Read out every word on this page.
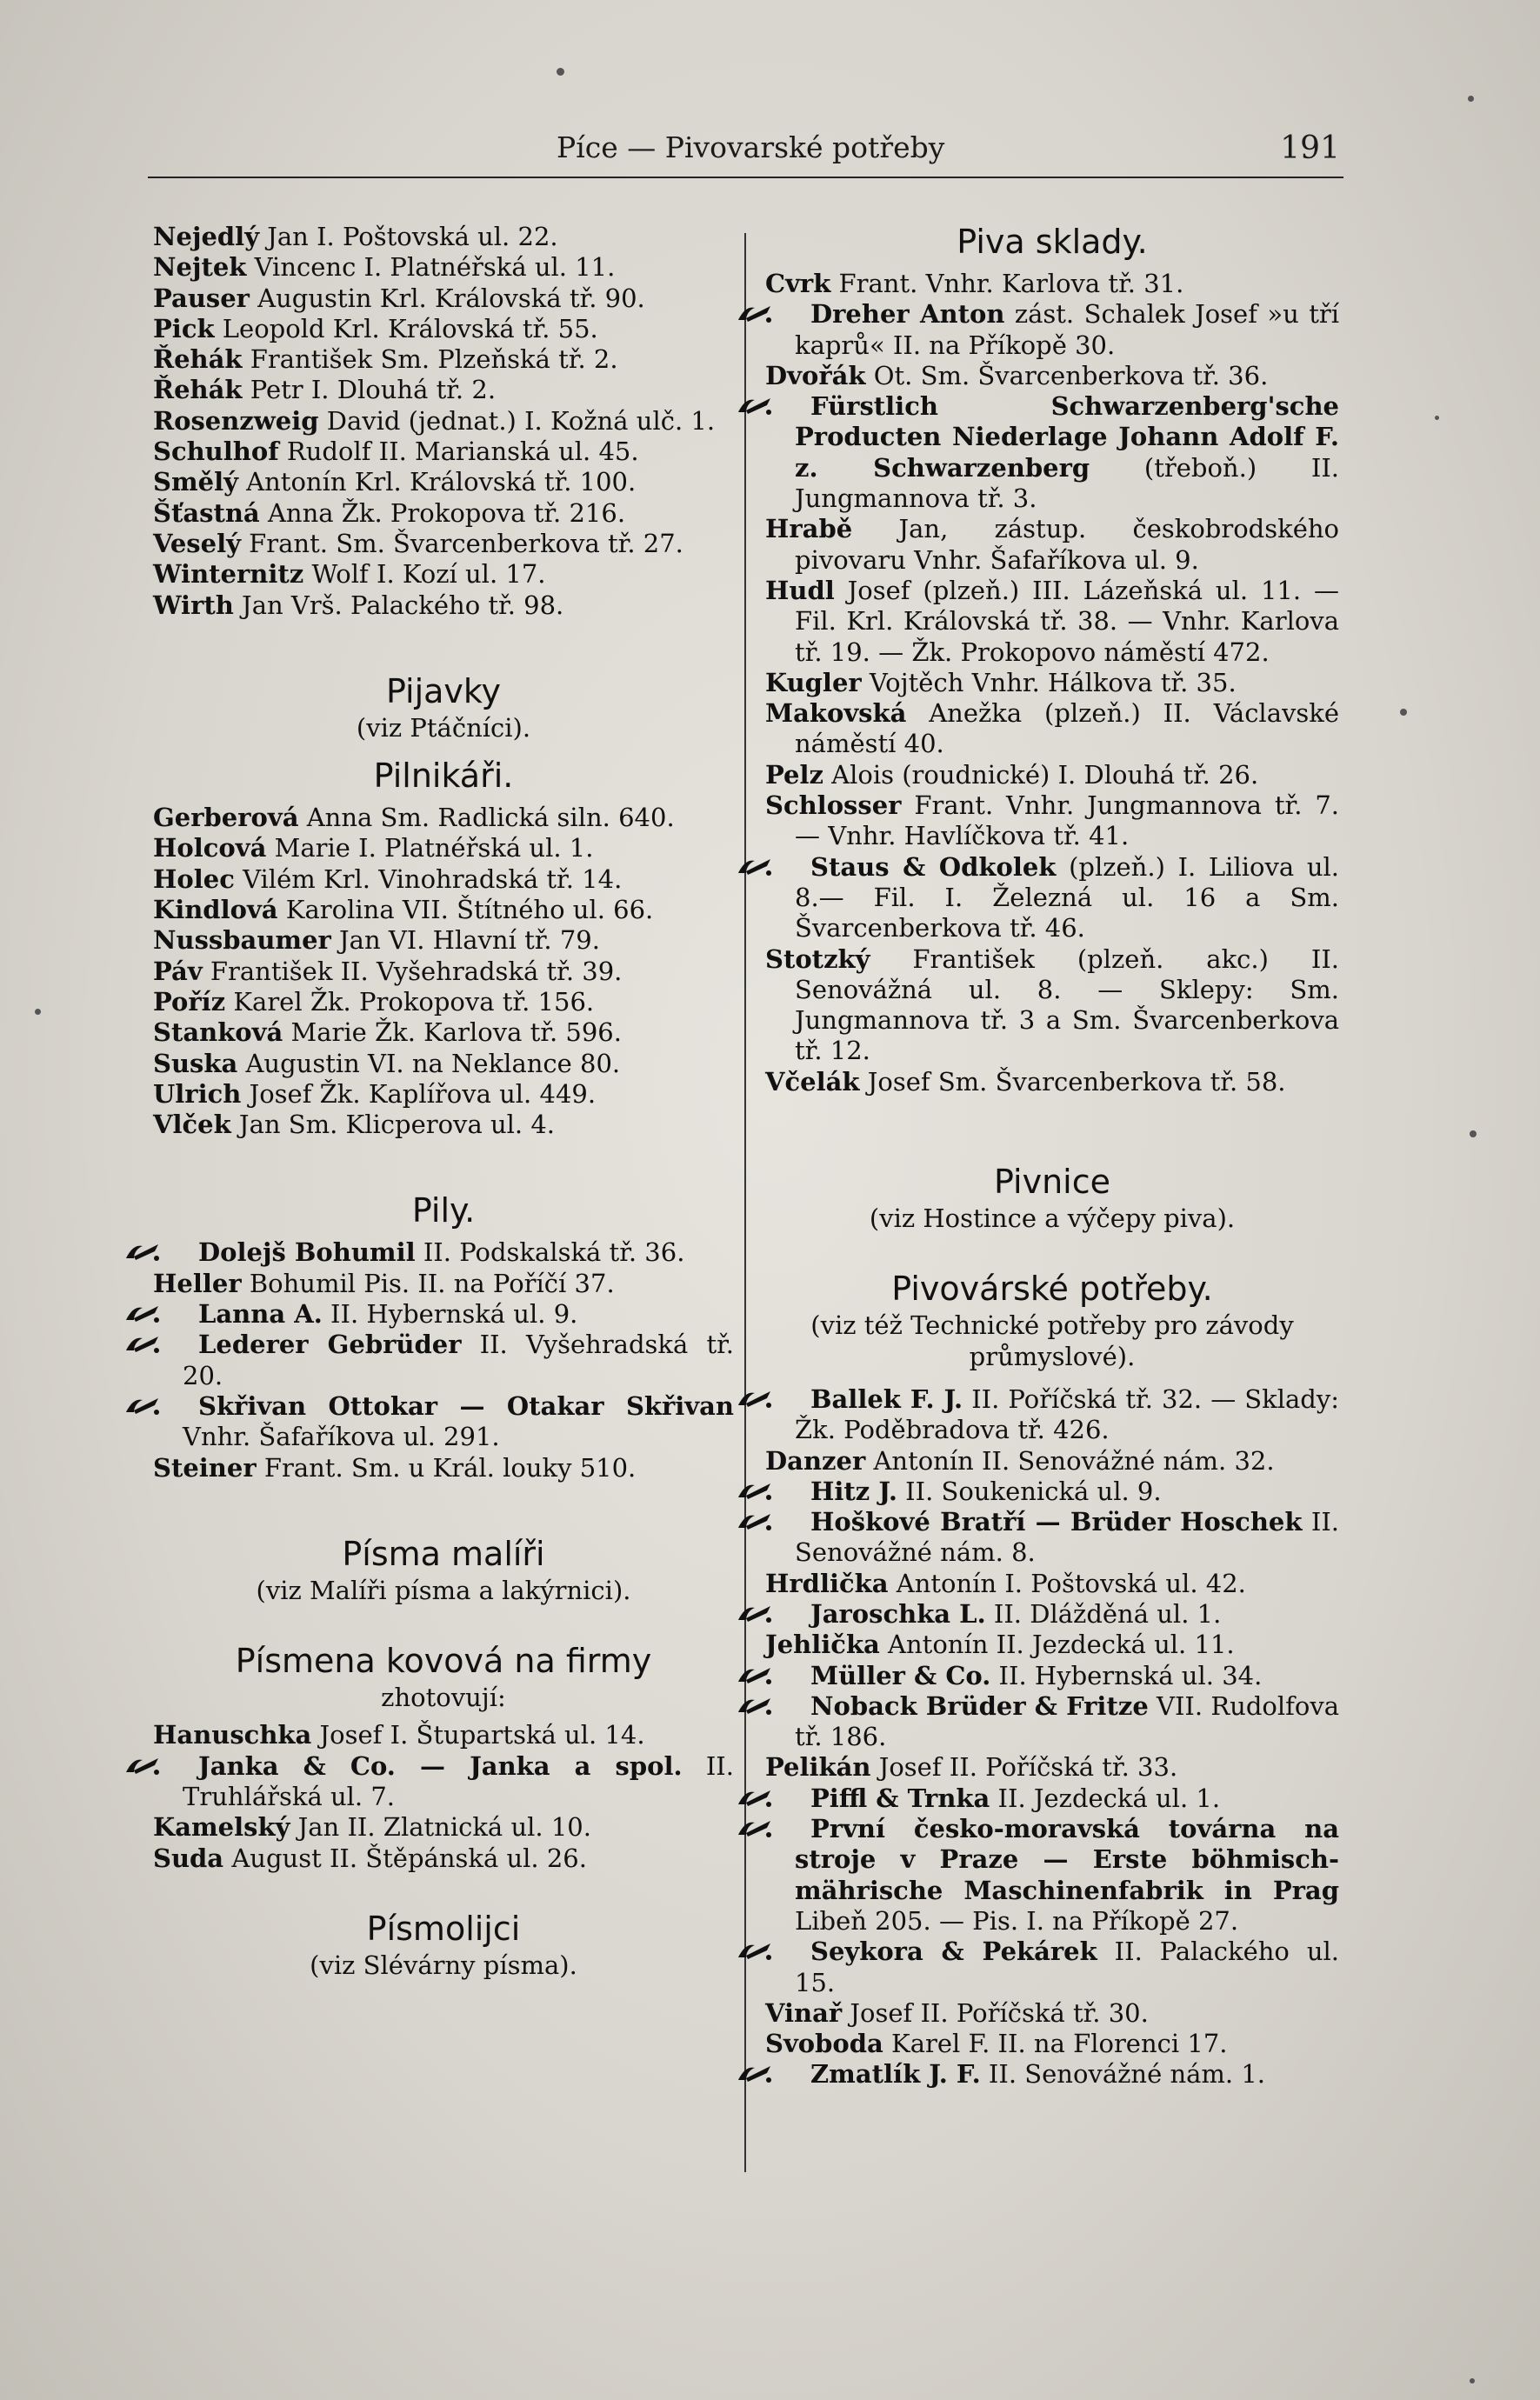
Píce — Pivovarské potřeby	191
Nejedlý Jan I. Poštovská ul. 22.
Nejtek Vincenc I. Platnéřská ul. 11.
Pauser Augustin Krl. Královská tř. 90.
Pick Leopold Krl. Královská tř. 55.
Řehák František Sm. Plzeňská tř. 2.
Řehák Petr I. Dlouhá tř. 2.
Rosenzweig David (jednat.) I. Kožná ulč. 1.
Schulhof Rudolf II. Marianská ul. 45.
Smělý Antonín Krl. Královská tř. 100.
Šťastná Anna Žk. Prokopova tř. 216.
Veselý Frant. Sm. Švarcenberkova tř. 27.
Winternitz Wolf I. Kozí ul. 17.
Wirth Jan Vrš. Palackého tř. 98.
Pijavky
(viz Ptáčníci).
Pilnikáři.
Gerberová Anna Sm. Radlická siln. 640.
Holcová Marie I. Platnéřská ul. 1.
Holec Vilém Krl. Vinohradská tř. 14.
Kindlová Karolina VII. Štítného ul. 66.
Nussbaumer Jan VI. Hlavní tř. 79.
Páv František II. Vyšehradská tř. 39.
Poříz Karel Žk. Prokopova tř. 156.
Stanková Marie Žk. Karlova tř. 596.
Suska Augustin VI. na Neklance 80.
Ulrich Josef Žk. Kaplířova ul. 449.
Vlček Jan Sm. Klicperova ul. 4.
Pily.
Dolejš Bohumil II. Podskalská tř. 36.
Heller Bohumil Pis. II. na Poříčí 37.
Lanna A. II. Hybernská ul. 9.
Lederer Gebrüder II. Vyšehradská tř. 20.
Skřivan Ottokar — Otakar Skřivan Vnhr. Šafaříkova ul. 291.
Steiner Frant. Sm. u Král. louky 510.
Písma malíři
(viz Malíři písma a lakýrnici).
Písmena kovová na firmy
zhotovují:
Hanuschka Josef I. Štupartská ul. 14.
Janka & Co. — Janka a spol. II. Truhlářská ul. 7.
Kamelský Jan II. Zlatnická ul. 10.
Suda August II. Štěpánská ul. 26.
Písmolijci
(viz Slévárny písma).
Piva sklady.
Cvrk Frant. Vnhr. Karlova tř. 31.
Dreher Anton zást. Schalek Josef »u tří kaprů« II. na Příkopě 30.
Dvořák Ot. Sm. Švarcenberkova tř. 36.
Fürstlich Schwarzenberg'sche Producten Niederlage Johann Adolf F. z. Schwarzenberg (třeboň.) II. Jungmannova tř. 3.
Hrabě Jan, zástup. českobrodského pivovaru Vnhr. Šafaříkova ul. 9.
Hudl Josef (plzeň.) III. Lázeňská ul. 11. — Fil. Krl. Královská tř. 38. — Vnhr. Karlova tř. 19. — Žk. Prokopovo náměstí 472.
Kugler Vojtěch Vnhr. Hálkova tř. 35.
Makovská Anežka (plzeň.) II. Václavské náměstí 40.
Pelz Alois (roudnické) I. Dlouhá tř. 26.
Schlosser Frant. Vnhr. Jungmannova tř. 7. — Vnhr. Havlíčkova tř. 41.
Staus & Odkolek (plzeň.) I. Liliova ul. 8.— Fil. I. Železná ul. 16 a Sm. Švarcenberkova tř. 46.
Stotzký František (plzeň. akc.) II. Senovážná ul. 8. — Sklepy: Sm. Jungmannova tř. 3 a Sm. Švarcenberkova tř. 12.
Včelák Josef Sm. Švarcenberkova tř. 58.
Pivnice
(viz Hostince a výčepy piva).
Pivovárské potřeby.
(viz též Technické potřeby pro závody průmyslové).
Ballek F. J. II. Poříčská tř. 32. — Sklady: Žk. Poděbradova tř. 426.
Danzer Antonín II. Senovážné nám. 32.
Hitz J. II. Soukenická ul. 9.
Hoškové Bratří — Brüder Hoschek II. Senovážné nám. 8.
Hrdlička Antonín I. Poštovská ul. 42.
Jaroschka L. II. Dlážděná ul. 1.
Jehlička Antonín II. Jezdecká ul. 11.
Müller & Co. II. Hybernská ul. 34.
Noback Brüder & Fritze VII. Rudolfova tř. 186.
Pelikán Josef II. Poříčská tř. 33.
Piffl & Trnka II. Jezdecká ul. 1.
První česko-moravská továrna na stroje v Praze — Erste böhmisch-mährische Maschinenfabrik in Prag Libeň 205. — Pis. I. na Příkopě 27.
Seykora & Pekárek II. Palackého ul. 15.
Vinař Josef II. Poříčská tř. 30.
Svoboda Karel F. II. na Florenci 17.
Zmatlík J. F. II. Senovážné nám. 1.
